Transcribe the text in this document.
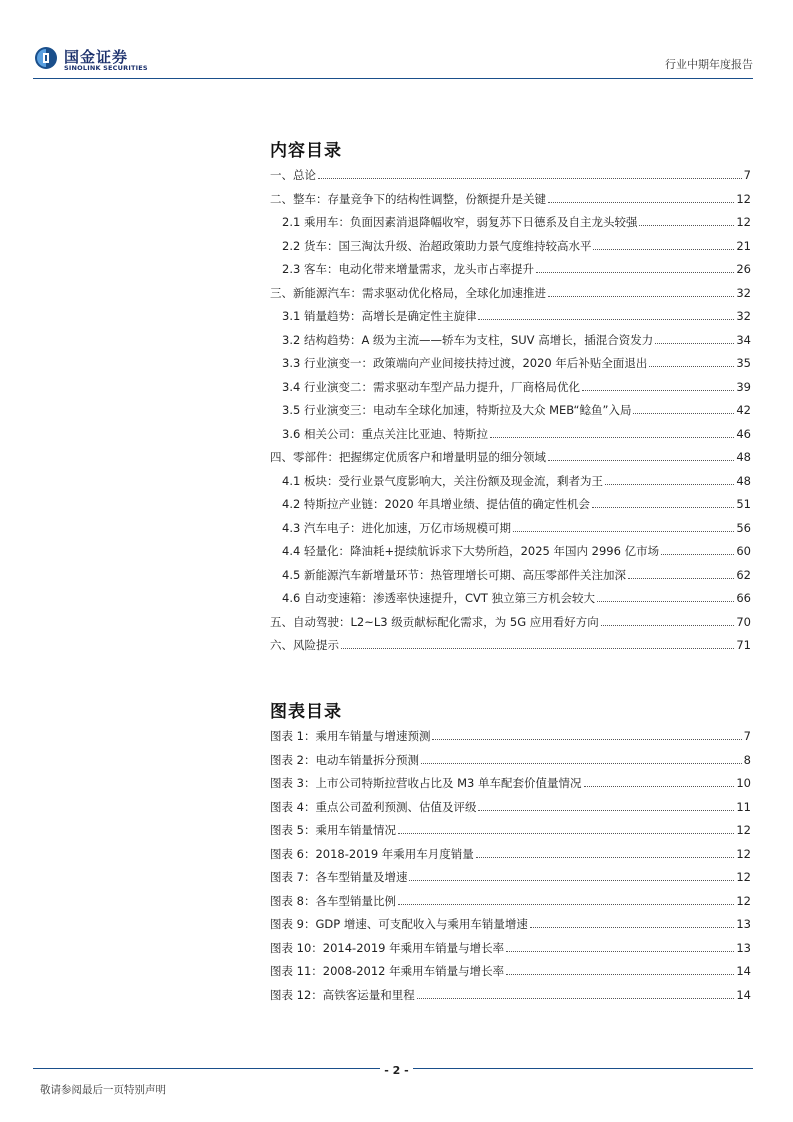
国金证券
SINOLINK SECURITIES	行业中期年度报告
内容目录
一、总论	7
二、整车：存量竞争下的结构性调整，份额提升是关键	12
2.1 乘用车：负面因素消退降幅收窄，弱复苏下日德系及自主龙头较强	12
2.2 货车：国三淘汰升级、治超政策助力景气度维持较高水平	21
2.3 客车：电动化带来增量需求，龙头市占率提升	26
三、新能源汽车：需求驱动优化格局，全球化加速推进	32
3.1 销量趋势：高增长是确定性主旋律	32
3.2 结构趋势：A 级为主流——轿车为支柱，SUV 高增长，插混合资发力	34
3.3 行业演变一：政策端向产业间接扶持过渡，2020 年后补贴全面退出	35
3.4 行业演变二：需求驱动车型产品力提升，厂商格局优化	39
3.5 行业演变三：电动车全球化加速，特斯拉及大众 MEB“鲶鱼”入局	42
3.6 相关公司：重点关注比亚迪、特斯拉	46
四、零部件：把握绑定优质客户和增量明显的细分领域	48
4.1 板块：受行业景气度影响大，关注份额及现金流，剩者为王	48
4.2 特斯拉产业链：2020 年具增业绩、提估值的确定性机会	51
4.3 汽车电子：进化加速，万亿市场规模可期	56
4.4 轻量化：降油耗+提续航诉求下大势所趋，2025 年国内 2996 亿市场	60
4.5 新能源汽车新增量环节：热管理增长可期、高压零部件关注加深	62
4.6 自动变速箱：渗透率快速提升，CVT 独立第三方机会较大	66
五、自动驾驶：L2~L3 级贡献标配化需求，为 5G 应用看好方向	70
六、风险提示	71
图表目录
图表 1：乘用车销量与增速预测	7
图表 2：电动车销量拆分预测	8
图表 3：上市公司特斯拉营收占比及 M3 单车配套价值量情况	10
图表 4：重点公司盈利预测、估值及评级	11
图表 5：乘用车销量情况	12
图表 6：2018-2019 年乘用车月度销量	12
图表 7：各车型销量及增速	12
图表 8：各车型销量比例	12
图表 9：GDP 增速、可支配收入与乘用车销量增速	13
图表 10：2014-2019 年乘用车销量与增长率	13
图表 11：2008-2012 年乘用车销量与增长率	14
图表 12：高铁客运量和里程	14
- 2 -
敬请参阅最后一页特别声明
